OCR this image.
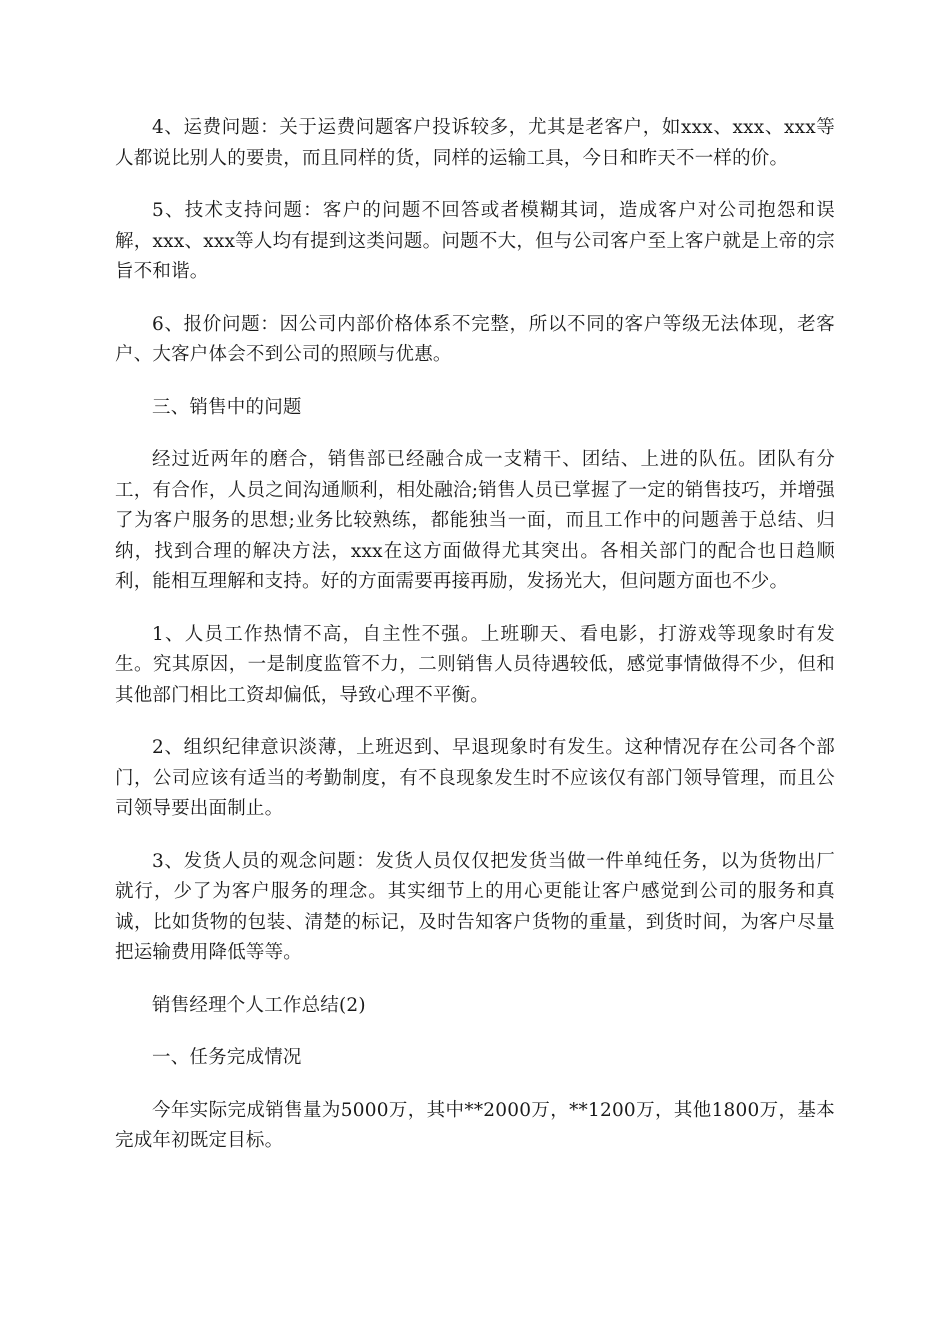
4、运费问题：关于运费问题客户投诉较多，尤其是老客户，如xxx、xxx、xxx等人都说比别人的要贵，而且同样的货，同样的运输工具，今日和昨天不一样的价。

5、技术支持问题：客户的问题不回答或者模糊其词，造成客户对公司抱怨和误解，xxx、xxx等人均有提到这类问题。问题不大，但与公司客户至上客户就是上帝的宗旨不和谐。

6、报价问题：因公司内部价格体系不完整，所以不同的客户等级无法体现，老客户、大客户体会不到公司的照顾与优惠。

三、销售中的问题

经过近两年的磨合，销售部已经融合成一支精干、团结、上进的队伍。团队有分工，有合作，人员之间沟通顺利，相处融洽;销售人员已掌握了一定的销售技巧，并增强了为客户服务的思想;业务比较熟练，都能独当一面，而且工作中的问题善于总结、归纳，找到合理的解决方法，xxx在这方面做得尤其突出。各相关部门的配合也日趋顺利，能相互理解和支持。好的方面需要再接再励，发扬光大，但问题方面也不少。

1、人员工作热情不高，自主性不强。上班聊天、看电影，打游戏等现象时有发生。究其原因，一是制度监管不力，二则销售人员待遇较低，感觉事情做得不少，但和其他部门相比工资却偏低，导致心理不平衡。

2、组织纪律意识淡薄，上班迟到、早退现象时有发生。这种情况存在公司各个部门，公司应该有适当的考勤制度，有不良现象发生时不应该仅有部门领导管理，而且公司领导要出面制止。

3、发货人员的观念问题：发货人员仅仅把发货当做一件单纯任务，以为货物出厂就行，少了为客户服务的理念。其实细节上的用心更能让客户感觉到公司的服务和真诚，比如货物的包装、清楚的标记，及时告知客户货物的重量，到货时间，为客户尽量把运输费用降低等等。

销售经理个人工作总结(2)

一、任务完成情况

今年实际完成销售量为5000万，其中**2000万，**1200万，其他1800万，基本完成年初既定目标。
